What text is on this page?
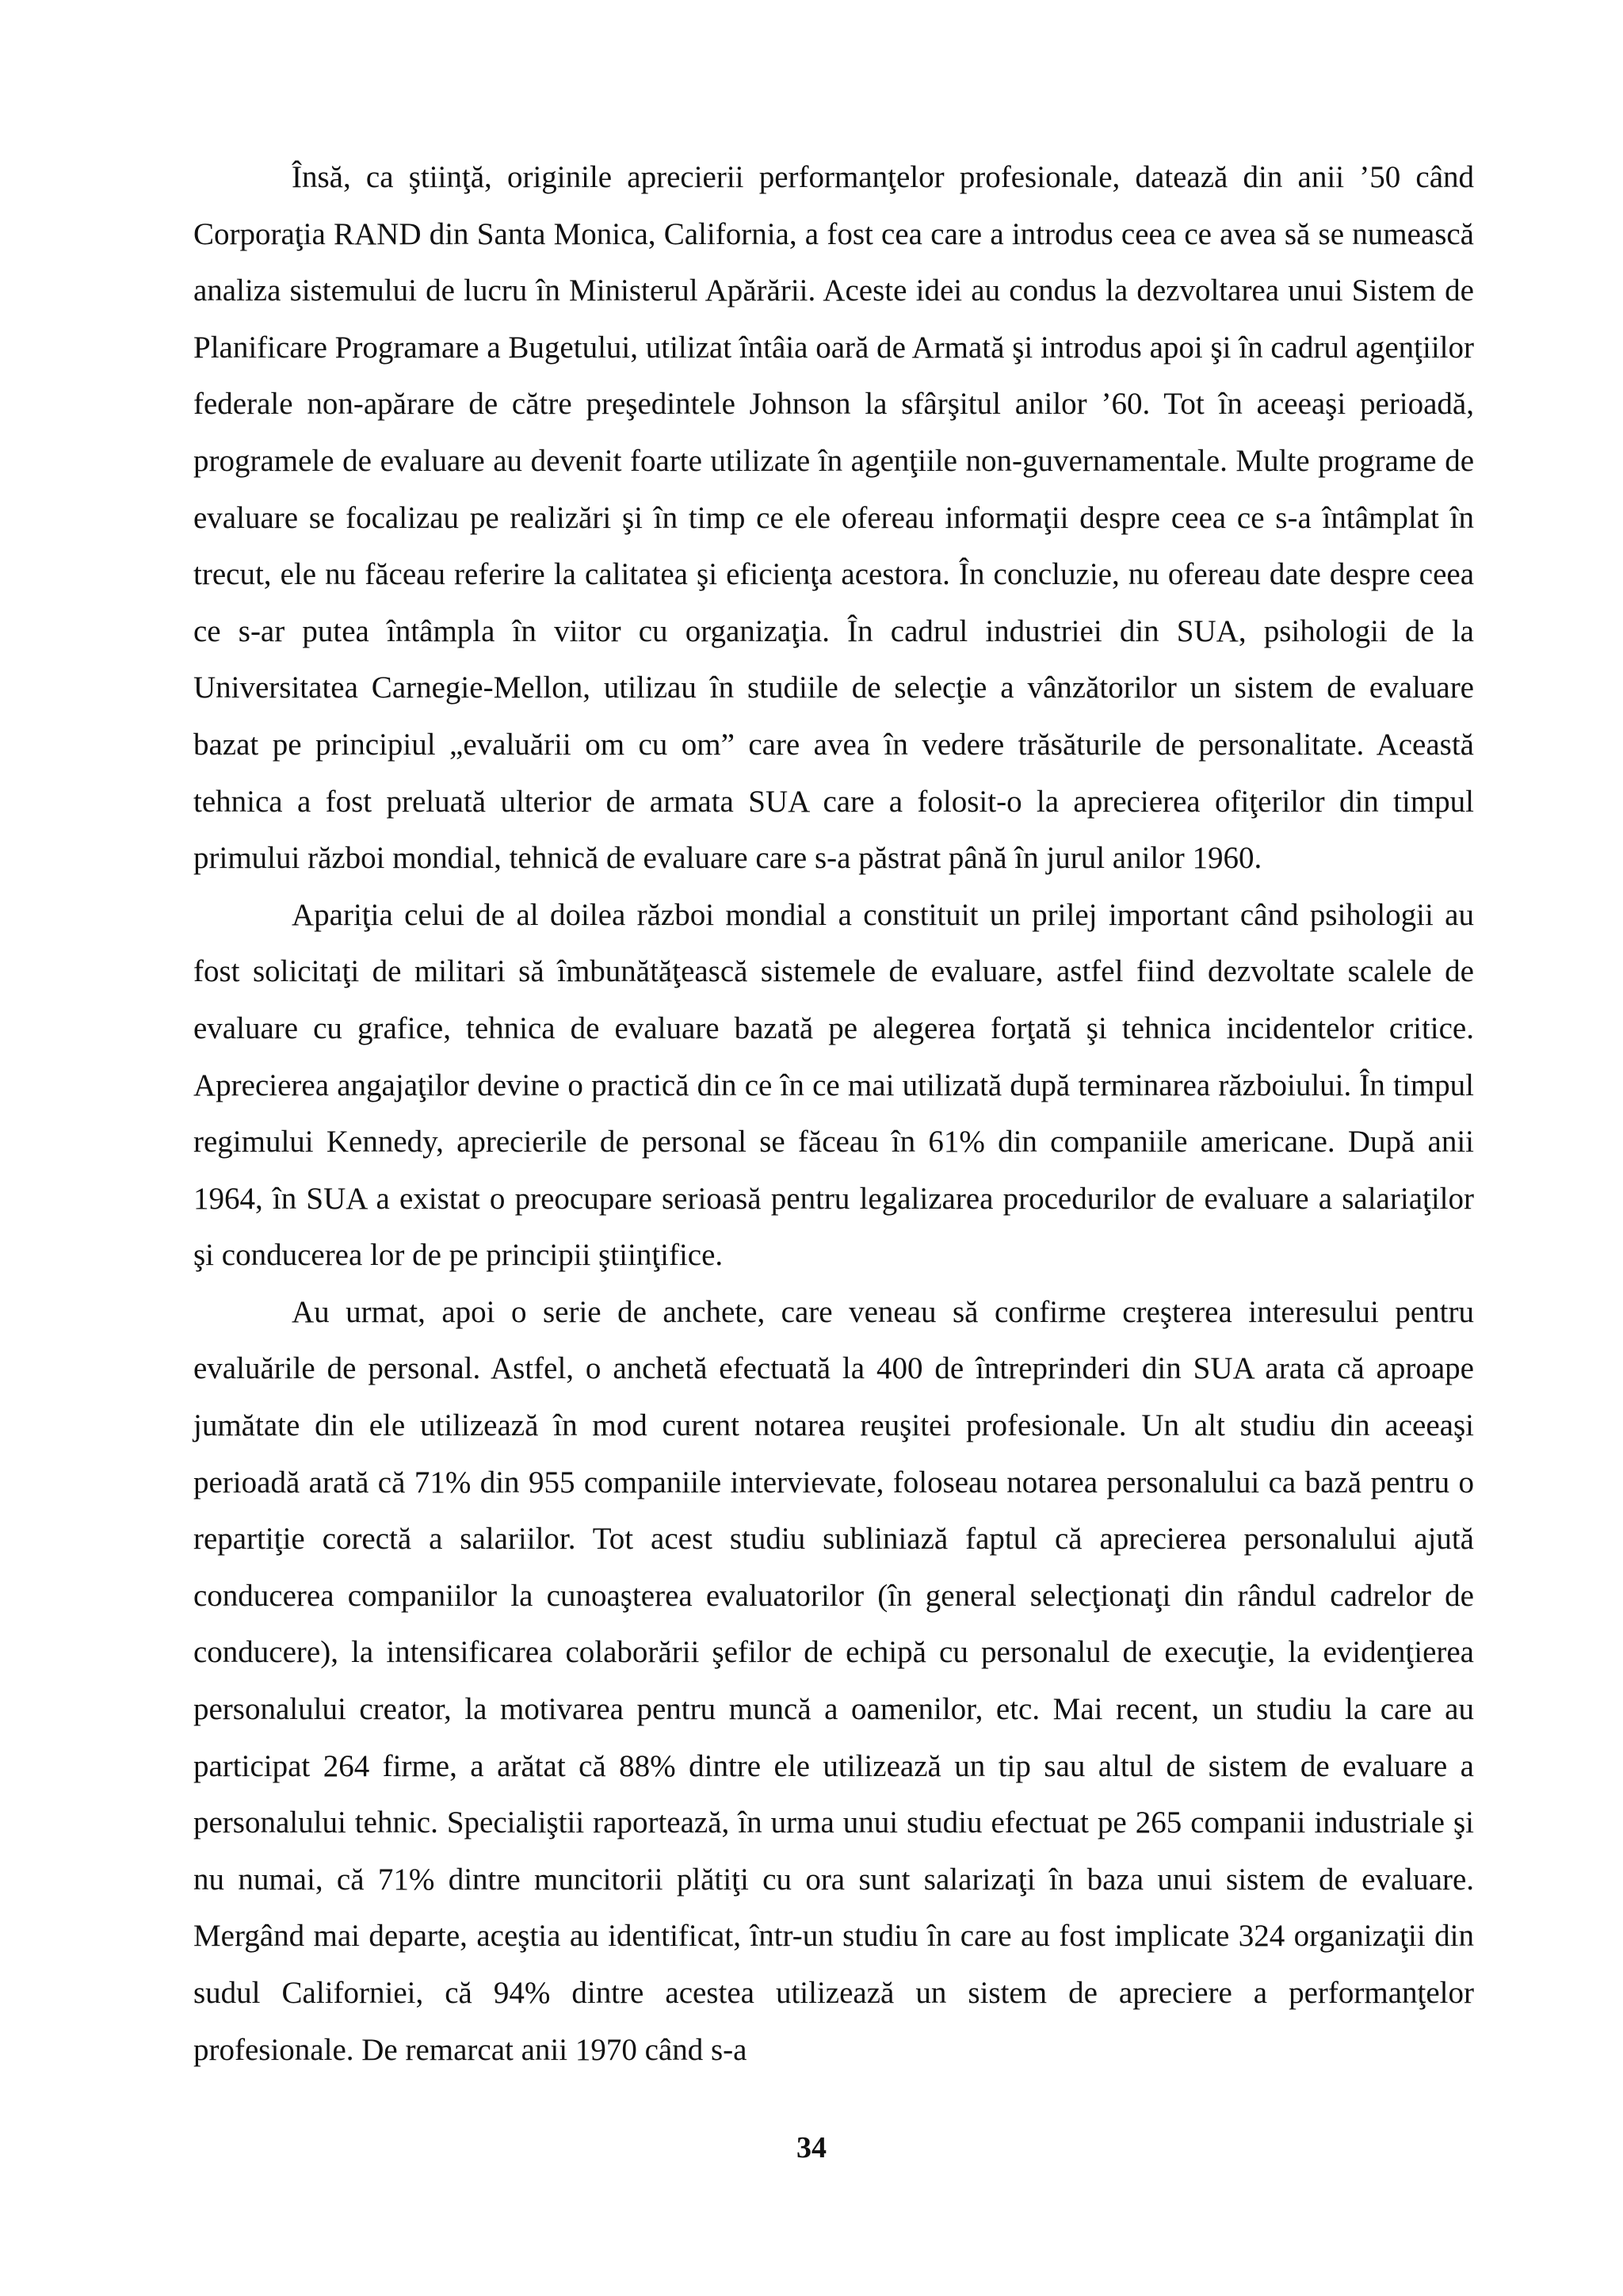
Însă, ca ştiinţă, originile aprecierii performanţelor profesionale, datează din anii ’50 când Corporaţia RAND din Santa Monica, California, a fost cea care a introdus ceea ce avea să se numească analiza sistemului de lucru în Ministerul Apărării. Aceste idei au condus la dezvoltarea unui Sistem de Planificare Programare a Bugetului, utilizat întâia oară de Armată şi introdus apoi şi în cadrul agenţiilor federale non-apărare de către preşedintele Johnson la sfârşitul anilor ’60. Tot în aceeaşi perioadă, programele de evaluare au devenit foarte utilizate în agenţiile non-guvernamentale. Multe programe de evaluare se focalizau pe realizări şi în timp ce ele ofereau informaţii despre ceea ce s-a întâmplat în trecut, ele nu făceau referire la calitatea şi eficienţa acestora. În concluzie, nu ofereau date despre ceea ce s-ar putea întâmpla în viitor cu organizaţia. În cadrul industriei din SUA, psihologii de la Universitatea Carnegie-Mellon, utilizau în studiile de selecţie a vânzătorilor un sistem de evaluare bazat pe principiul „evaluării om cu om” care avea în vedere trăsăturile de personalitate. Această tehnica a fost preluată ulterior de armata SUA care a folosit-o la aprecierea ofiţerilor din timpul primului război mondial, tehnică de evaluare care s-a păstrat până în jurul anilor 1960.

Apariţia celui de al doilea război mondial a constituit un prilej important când psihologii au fost solicitaţi de militari să îmbunătăţească sistemele de evaluare, astfel fiind dezvoltate scalele de evaluare cu grafice, tehnica de evaluare bazată pe alegerea forţată şi tehnica incidentelor critice. Aprecierea angajaţilor devine o practică din ce în ce mai utilizată după terminarea războiului. În timpul regimului Kennedy, aprecierile de personal se făceau în 61% din companiile americane. După anii 1964, în SUA a existat o preocupare serioasă pentru legalizarea procedurilor de evaluare a salariaţilor şi conducerea lor de pe principii ştiinţifice.

Au urmat, apoi o serie de anchete, care veneau să confirme creşterea interesului pentru evaluările de personal. Astfel, o anchetă efectuată la 400 de întreprinderi din SUA arata că aproape jumătate din ele utilizează în mod curent notarea reuşitei profesionale. Un alt studiu din aceeaşi perioadă arată că 71% din 955 companiile intervievate, foloseau notarea personalului ca bază pentru o repartiţie corectă a salariilor. Tot acest studiu subliniază faptul că aprecierea personalului ajută conducerea companiilor la cunoaşterea evaluatorilor (în general selecţionaţi din rândul cadrelor de conducere), la intensificarea colaborării şefilor de echipă cu personalul de execuţie, la evidenţierea personalului creator, la motivarea pentru muncă a oamenilor, etc. Mai recent, un studiu la care au participat 264 firme, a arătat că 88% dintre ele utilizează un tip sau altul de sistem de evaluare a personalului tehnic. Specialiştii raportează, în urma unui studiu efectuat pe 265 companii industriale şi nu numai, că 71% dintre muncitorii plătiţi cu ora sunt salarizaţi în baza unui sistem de evaluare. Mergând mai departe, aceştia au identificat, într-un studiu în care au fost implicate 324 organizaţii din sudul Californiei, că 94% dintre acestea utilizează un sistem de apreciere a performanţelor profesionale. De remarcat anii 1970 când s-a

34
